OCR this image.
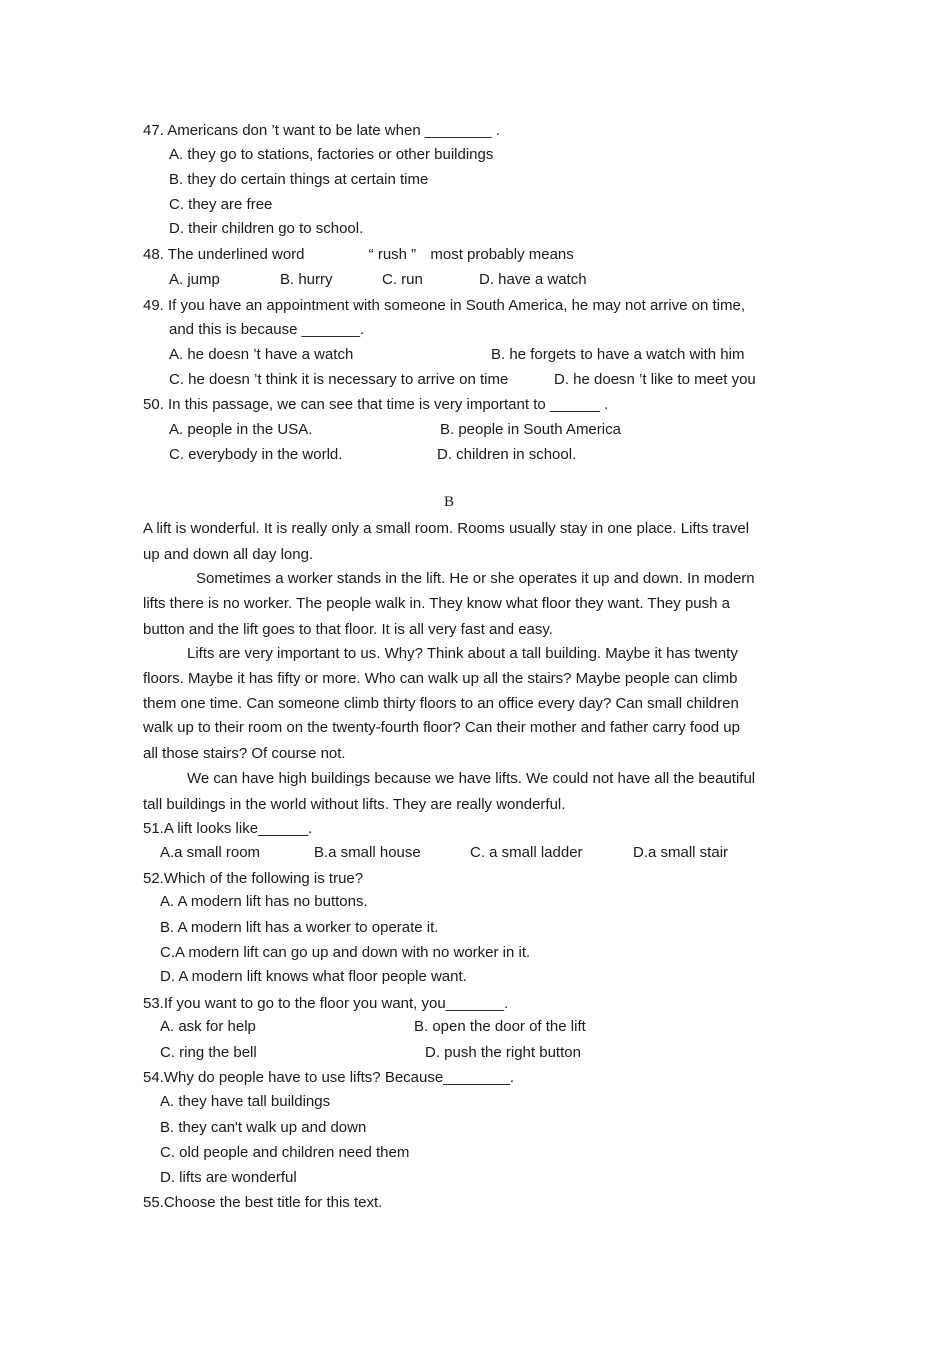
47. Americans don ’t want to be late when ________ .
A. they go to stations, factories or other buildings
B. they do certain things at certain time
C. they are free
D. their children go to school.
48. The underlined word	“ rush ” most probably means
A. jump	B. hurry	C. run	D. have a watch
49. If you have an appointment with someone in South America, he may not arrive on time,
and this is because _______.
A. he doesn ’t have a watch	B. he forgets to have a watch with him
C. he doesn ’t think it is necessary to arrive on time	D. he doesn ’t like to meet you
50. In this passage, we can see that time is very important to ______ .
A. people in the USA.	B. people in South America
C. everybody in the world.	D. children in school.
B
A lift is wonderful. It is really only a small room. Rooms usually stay in one place. Lifts travel
up and down all day long.
Sometimes a worker stands in the lift. He or she operates it up and down. In modern
lifts there is no worker. The people walk in. They know what floor they want. They push a
button and the lift goes to that floor. It is all very fast and easy.
Lifts are very important to us. Why? Think about a tall building. Maybe it has twenty
floors. Maybe it has fifty or more. Who can walk up all the stairs? Maybe people can climb
them one time. Can someone climb thirty floors to an office every day? Can small children
walk up to their room on the twenty-fourth floor? Can their mother and father carry food up
all those stairs? Of course not.
We can have high buildings because we have lifts. We could not have all the beautiful
tall buildings in the world without lifts. They are really wonderful.
51.A lift looks like______.
A.a small room	B.a small house	C. a small ladder	D.a small stair
52.Which of the following is true?
A. A modern lift has no buttons.
B. A modern lift has a worker to operate it.
C.A modern lift can go up and down with no worker in it.
D. A modern lift knows what floor people want.
53.If you want to go to the floor you want, you_______.
A. ask for help	B. open the door of the lift
C. ring the bell	D. push the right button
54.Why do people have to use lifts? Because________.
A. they have tall buildings
B. they can't walk up and down
C. old people and children need them
D. lifts are wonderful
55.Choose the best title for this text.
